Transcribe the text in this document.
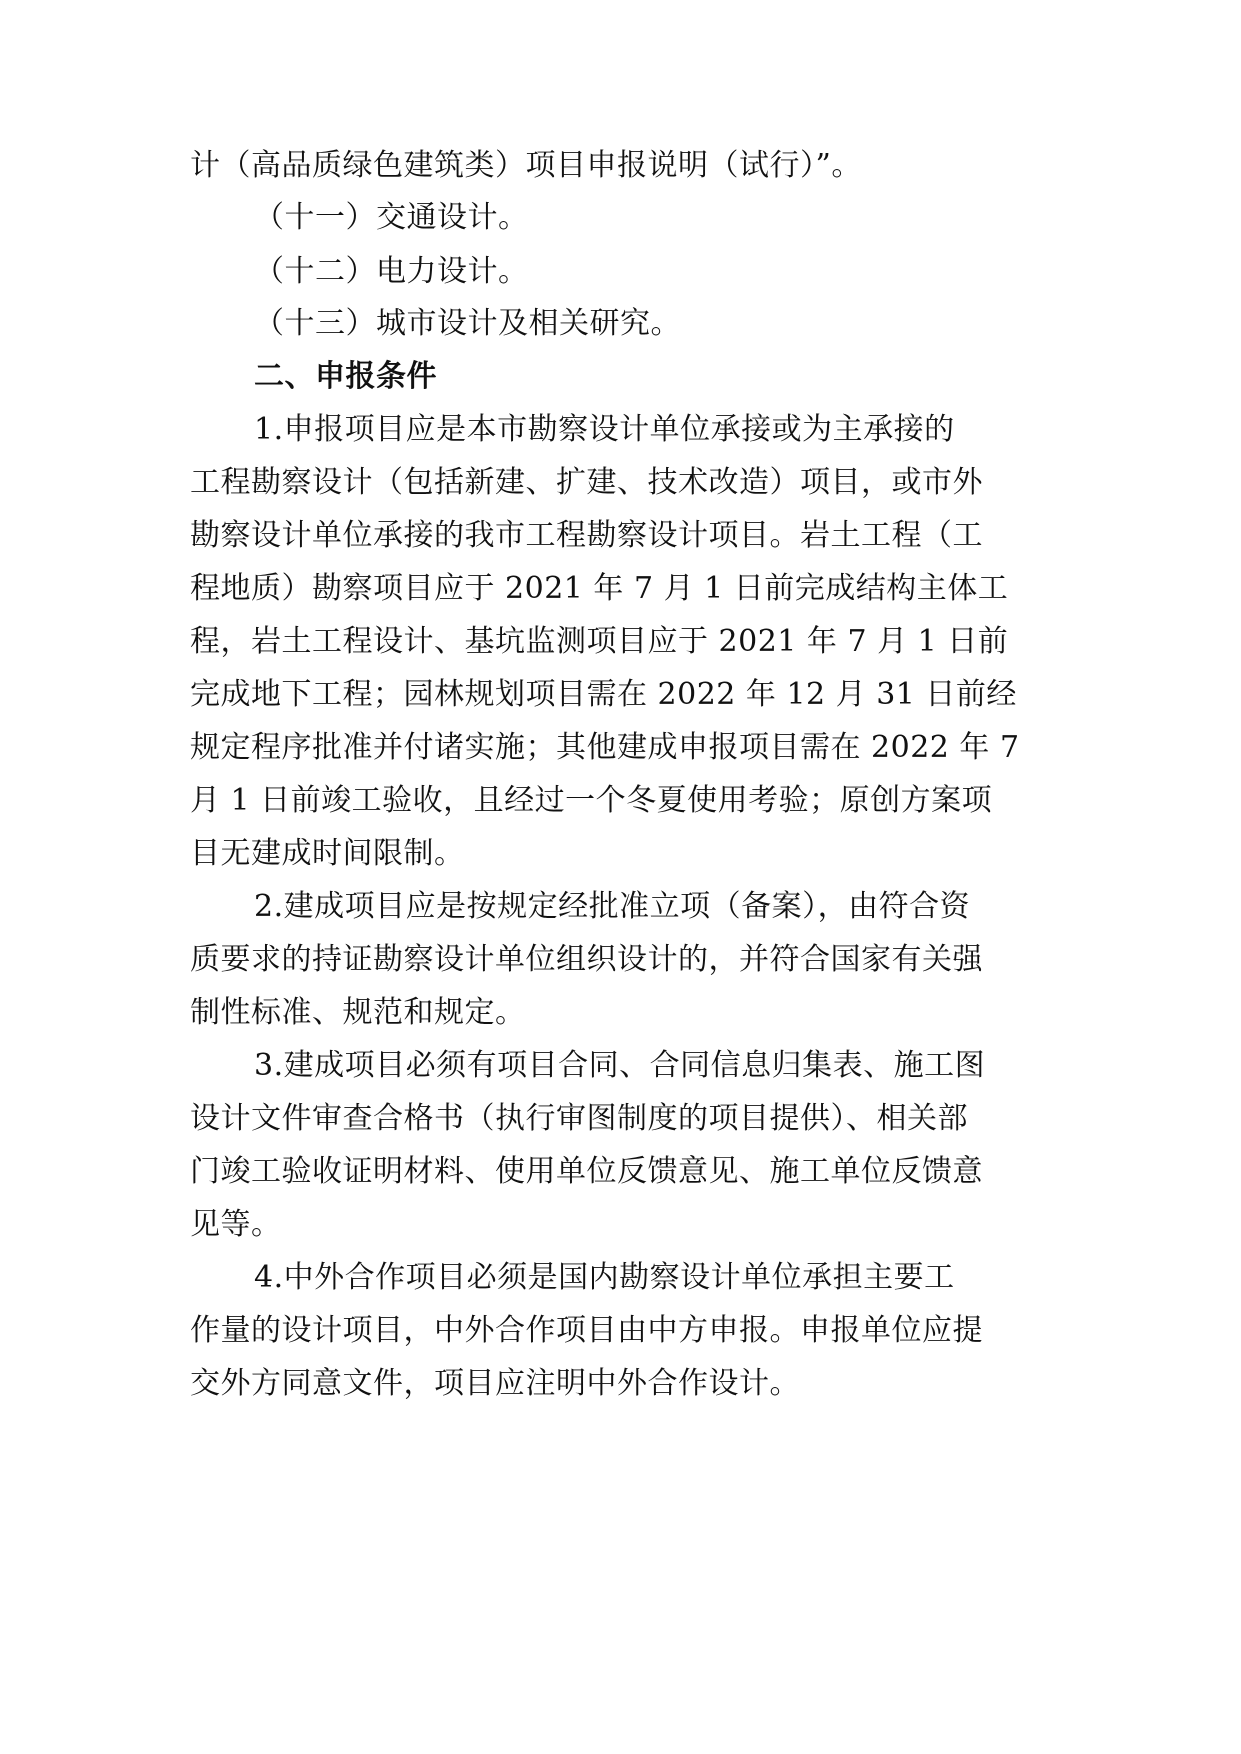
计（高品质绿色建筑类）项目申报说明（试行）”。
（十一）交通设计。
（十二）电力设计。
（十三）城市设计及相关研究。
二、申报条件
1.申报项目应是本市勘察设计单位承接或为主承接的
工程勘察设计（包括新建、扩建、技术改造）项目，或市外
勘察设计单位承接的我市工程勘察设计项目。岩土工程（工
程地质）勘察项目应于 2021 年 7 月 1 日前完成结构主体工
程，岩土工程设计、基坑监测项目应于 2021 年 7 月 1 日前
完成地下工程；园林规划项目需在 2022 年 12 月 31 日前经
规定程序批准并付诸实施；其他建成申报项目需在 2022 年 7
月 1 日前竣工验收，且经过一个冬夏使用考验；原创方案项
目无建成时间限制。
2.建成项目应是按规定经批准立项（备案），由符合资
质要求的持证勘察设计单位组织设计的，并符合国家有关强
制性标准、规范和规定。
3.建成项目必须有项目合同、合同信息归集表、施工图
设计文件审查合格书（执行审图制度的项目提供）、相关部
门竣工验收证明材料、使用单位反馈意见、施工单位反馈意
见等。
4.中外合作项目必须是国内勘察设计单位承担主要工
作量的设计项目，中外合作项目由中方申报。申报单位应提
交外方同意文件，项目应注明中外合作设计。
